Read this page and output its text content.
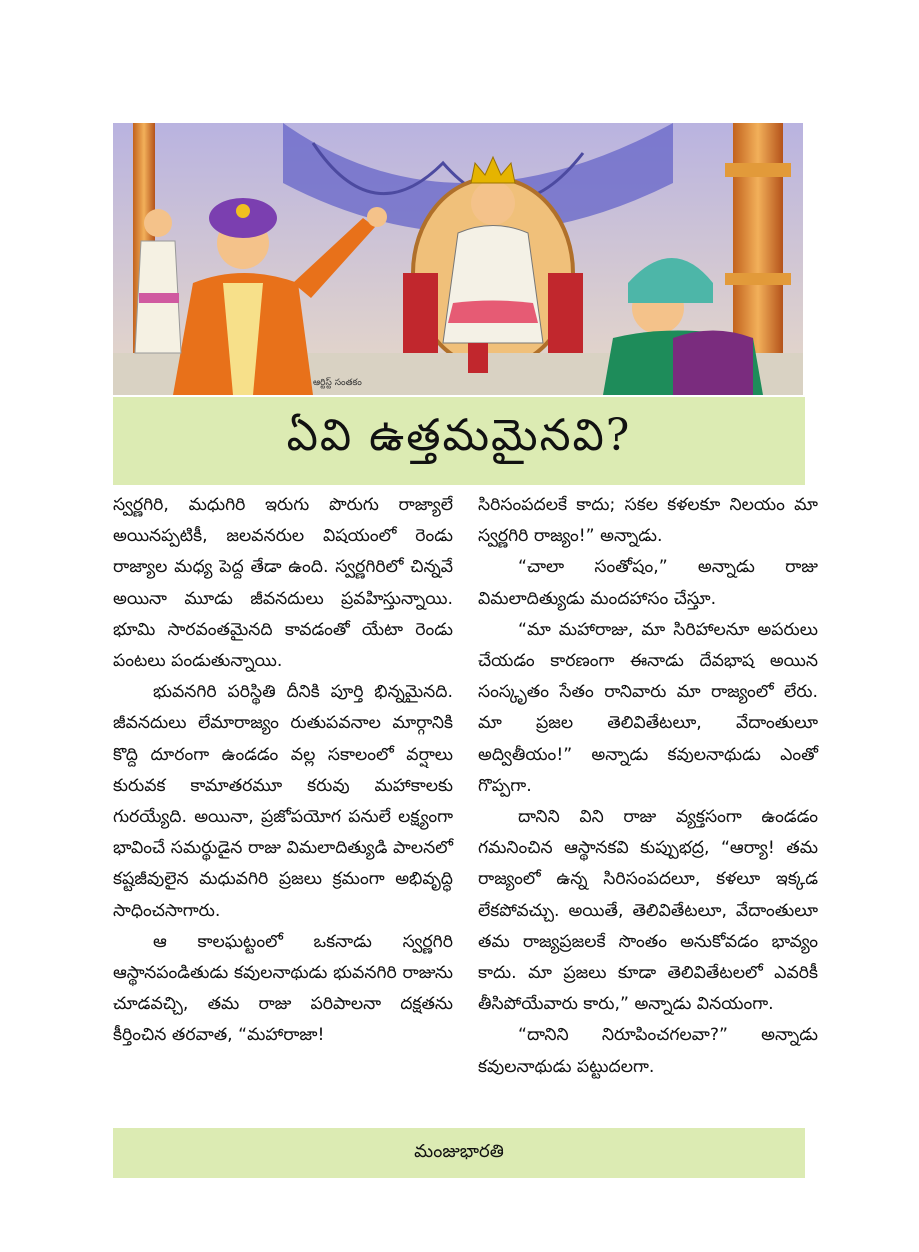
ఆర్టిస్ట్ సంతకం
ఏవి ఉత్తమమైనవి?

స్వర్ణగిరి, మధుగిరి ఇరుగు పొరుగు రాజ్యాలే అయినప్పటికీ, జలవనరుల విషయంలో రెండు రాజ్యాల మధ్య పెద్ద తేడా ఉంది. స్వర్ణగిరిలో చిన్నవే అయినా మూడు జీవనదులు ప్రవహిస్తున్నాయి. భూమి సారవంతమైనది కావడంతో యేటా రెండు పంటలు పండుతున్నాయి.

భువనగిరి పరిస్థితి దీనికి పూర్తి భిన్నమైనది. జీవనదులు లేమారాజ్యం రుతుపవనాల మార్గానికి కొద్ది దూరంగా ఉండడం వల్ల సకాలంలో వర్షాలు కురువక కామాతరమూ కరువు మహాకాలకు గురయ్యేది. అయినా, ప్రజోపయోగ పనులే లక్ష్యంగా భావించే సమర్థుడైన రాజు విమలాదిత్యుడి పాలనలో కష్టజీవులైన మధువగిరి ప్రజలు క్రమంగా అభివృద్ధి సాధించసాగారు.

ఆ కాలఘట్టంలో ఒకనాడు స్వర్ణగిరి ఆస్థానపండితుడు కవులనాథుడు భువనగిరి రాజును చూడవచ్చి, తమ రాజు పరిపాలనా దక్షతను కీర్తించిన తరవాత, “మహారాజా!

సిరిసంపదలకే కాదు; సకల కళలకూ నిలయం మా స్వర్ణగిరి రాజ్యం!” అన్నాడు.

“చాలా సంతోషం,” అన్నాడు రాజు విమలాదిత్యుడు మందహాసం చేస్తూ.

“మా మహారాజు, మా సిరిహాలనూ అపరులు చేయడం కారణంగా ఈనాడు దేవభాష అయిన సంస్కృతం సేతం రానివారు మా రాజ్యంలో లేరు. మా ప్రజల తెలివితేటలూ, వేదాంతులూ అద్వితీయం!” అన్నాడు కవులనాథుడు ఎంతో గొప్పగా.

దానిని విని రాజు వ్యక్తసంగా ఉండడం గమనించిన ఆస్థానకవి కుప్పుభద్ర, “ఆర్యా! తమ రాజ్యంలో ఉన్న సిరిసంపదలూ, కళలూ ఇక్కడ లేకపోవచ్చు. అయితే, తెలివితేటలూ, వేదాంతులూ తమ రాజ్యప్రజలకే సొంతం అనుకోవడం భావ్యం కాదు. మా ప్రజలు కూడా తెలివితేటలలో ఎవరికీ తీసిపోయేవారు కారు,” అన్నాడు వినయంగా.

“దానిని నిరూపించగలవా?” అన్నాడు కవులనాథుడు పట్టుదలగా.

మంజుభారతి
